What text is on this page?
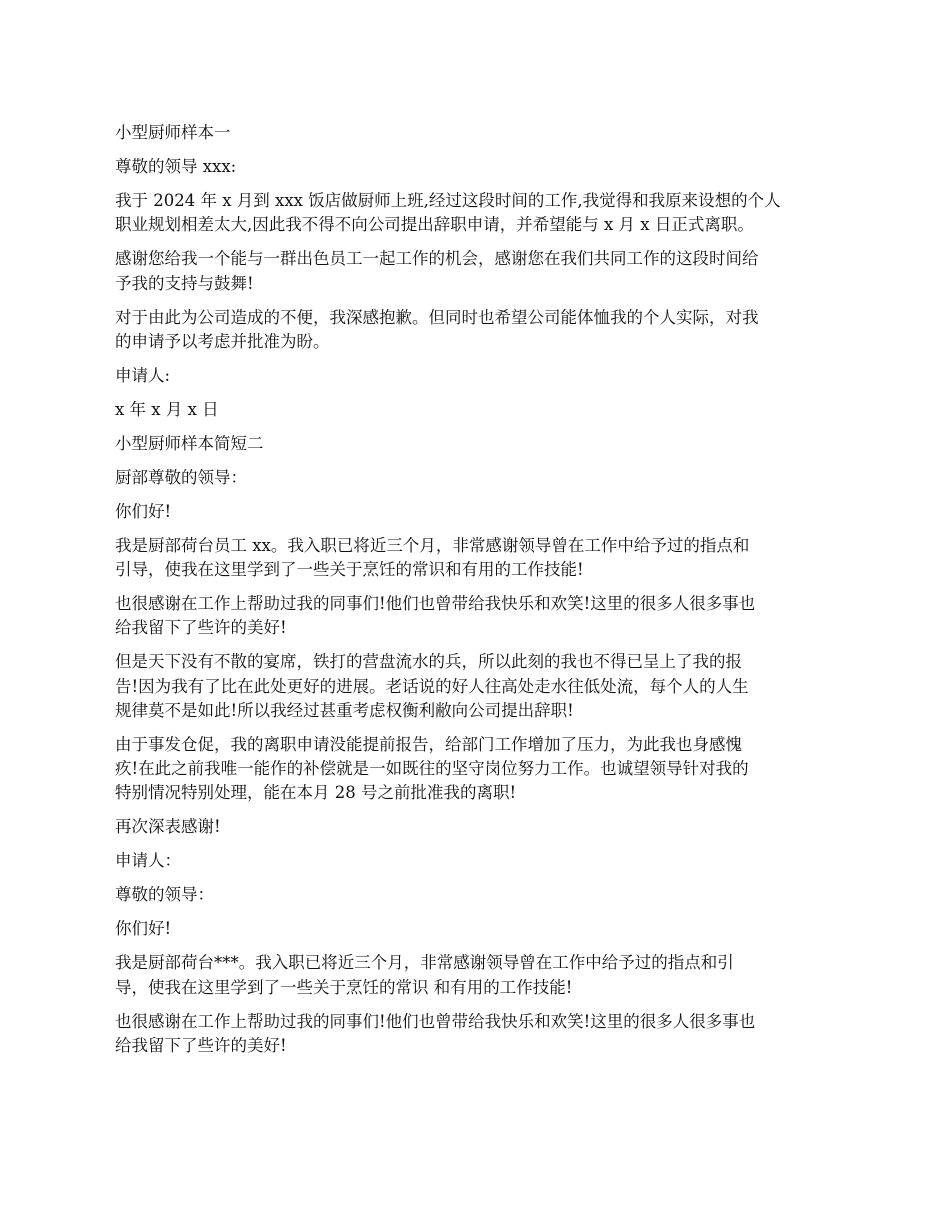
小型厨师样本一

尊敬的领导 xxx:

我于 2024 年 x 月到 xxx 饭店做厨师上班,经过这段时间的工作,我觉得和我原来设想的个人
职业规划相差太大,因此我不得不向公司提出辞职申请，并希望能与 x 月 x 日正式离职。

感谢您给我一个能与一群出色员工一起工作的机会，感谢您在我们共同工作的这段时间给
予我的支持与鼓舞!

对于由此为公司造成的不便，我深感抱歉。但同时也希望公司能体恤我的个人实际，对我
的申请予以考虑并批准为盼。

申请人:

x 年 x 月 x 日

小型厨师样本简短二

厨部尊敬的领导：

你们好!

我是厨部荷台员工 xx。我入职已将近三个月，非常感谢领导曾在工作中给予过的指点和
引导，使我在这里学到了一些关于烹饪的常识和有用的工作技能!

也很感谢在工作上帮助过我的同事们!他们也曾带给我快乐和欢笑!这里的很多人很多事也
给我留下了些许的美好!

但是天下没有不散的宴席，铁打的营盘流水的兵，所以此刻的我也不得已呈上了我的报
告!因为我有了比在此处更好的进展。老话说的好人往高处走水往低处流，每个人的人生
规律莫不是如此!所以我经过甚重考虑权衡利敝向公司提出辞职!

由于事发仓促，我的离职申请没能提前报告，给部门工作增加了压力，为此我也身感愧
疚!在此之前我唯一能作的补偿就是一如既往的坚守岗位努力工作。也诚望领导针对我的
特别情况特别处理，能在本月 28 号之前批准我的离职!

再次深表感谢!

申请人：

尊敬的领导：

你们好!

我是厨部荷台***。我入职已将近三个月，非常感谢领导曾在工作中给予过的指点和引
导，使我在这里学到了一些关于烹饪的常识 和有用的工作技能!

也很感谢在工作上帮助过我的同事们!他们也曾带给我快乐和欢笑!这里的很多人很多事也
给我留下了些许的美好!
